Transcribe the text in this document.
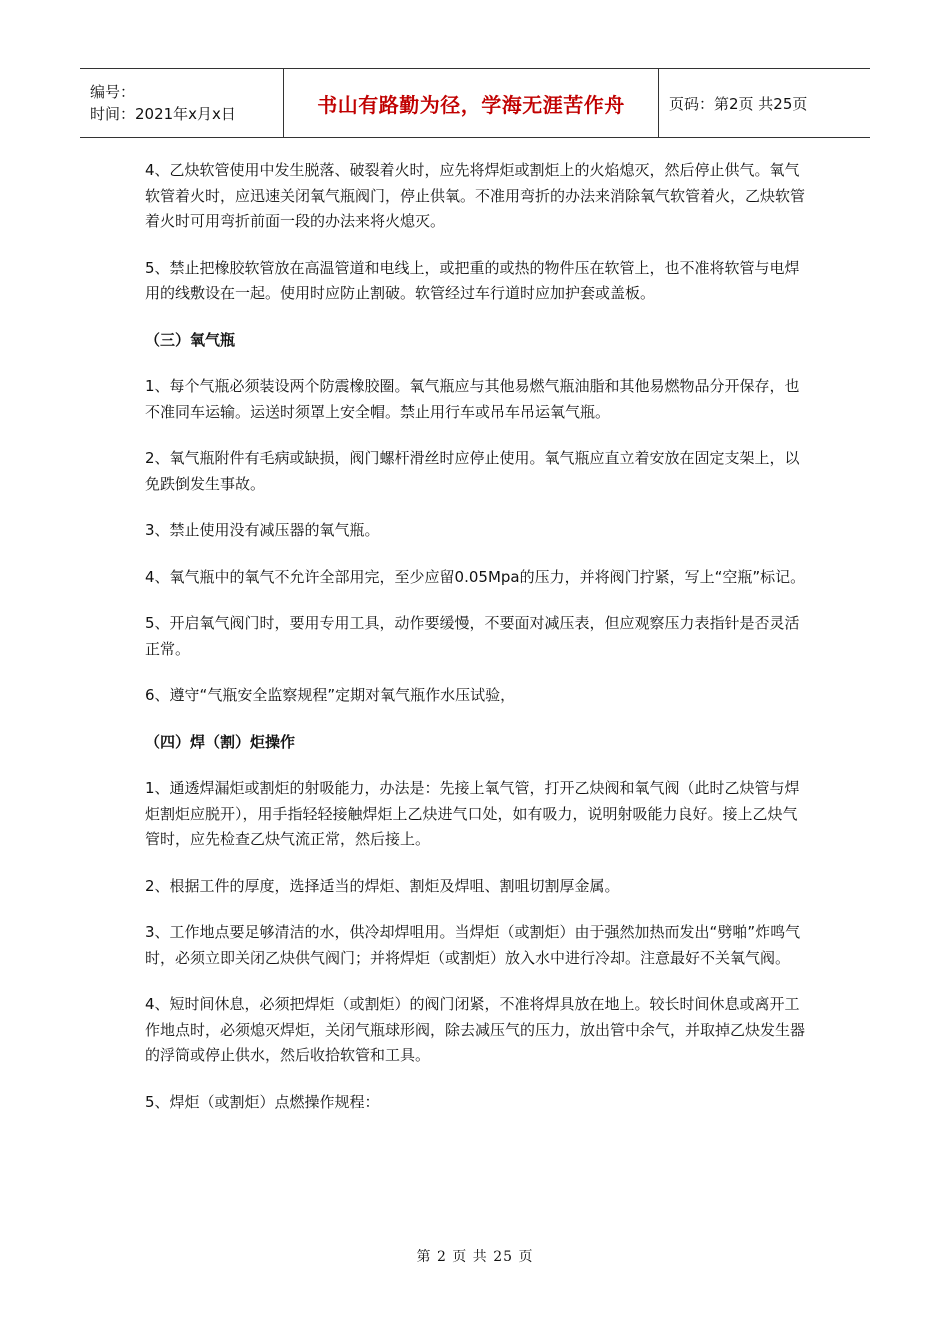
编号：
时间：2021年x月x日	书山有路勤为径，学海无涯苦作舟	页码：第2页 共25页

4、乙炔软管使用中发生脱落、破裂着火时，应先将焊炬或割炬上的火焰熄灭，然后停止供气。氧气软管着火时，应迅速关闭氧气瓶阀门，停止供氧。不准用弯折的办法来消除氧气软管着火，乙炔软管着火时可用弯折前面一段的办法来将火熄灭。

5、禁止把橡胶软管放在高温管道和电线上，或把重的或热的物件压在软管上，也不准将软管与电焊用的线敷设在一起。使用时应防止割破。软管经过车行道时应加护套或盖板。

（三）氧气瓶

1、每个气瓶必须装设两个防震橡胶圈。氧气瓶应与其他易燃气瓶油脂和其他易燃物品分开保存，也不准同车运输。运送时须罩上安全帽。禁止用行车或吊车吊运氧气瓶。

2、氧气瓶附件有毛病或缺损，阀门螺杆滑丝时应停止使用。氧气瓶应直立着安放在固定支架上，以免跌倒发生事故。

3、禁止使用没有减压器的氧气瓶。

4、氧气瓶中的氧气不允许全部用完，至少应留0.05Mpa的压力，并将阀门拧紧，写上“空瓶”标记。

5、开启氧气阀门时，要用专用工具，动作要缓慢，不要面对减压表，但应观察压力表指针是否灵活正常。

6、遵守“气瓶安全监察规程”定期对氧气瓶作水压试验，

（四）焊（割）炬操作

1、通透焊漏炬或割炬的射吸能力，办法是：先接上氧气管，打开乙炔阀和氧气阀（此时乙炔管与焊炬割炬应脱开），用手指轻轻接触焊炬上乙炔进气口处，如有吸力，说明射吸能力良好。接上乙炔气管时，应先检查乙炔气流正常，然后接上。

2、根据工件的厚度，选择适当的焊炬、割炬及焊咀、割咀切割厚金属。

3、工作地点要足够清洁的水，供冷却焊咀用。当焊炬（或割炬）由于强然加热而发出“劈啪”炸鸣气时，必须立即关闭乙炔供气阀门；并将焊炬（或割炬）放入水中进行冷却。注意最好不关氧气阀。

4、短时间休息，必须把焊炬（或割炬）的阀门闭紧，不准将焊具放在地上。较长时间休息或离开工作地点时，必须熄灭焊炬，关闭气瓶球形阀，除去减压气的压力，放出管中余气，并取掉乙炔发生器的浮筒或停止供水，然后收拾软管和工具。

5、焊炬（或割炬）点燃操作规程：

第 2 页 共 25 页
